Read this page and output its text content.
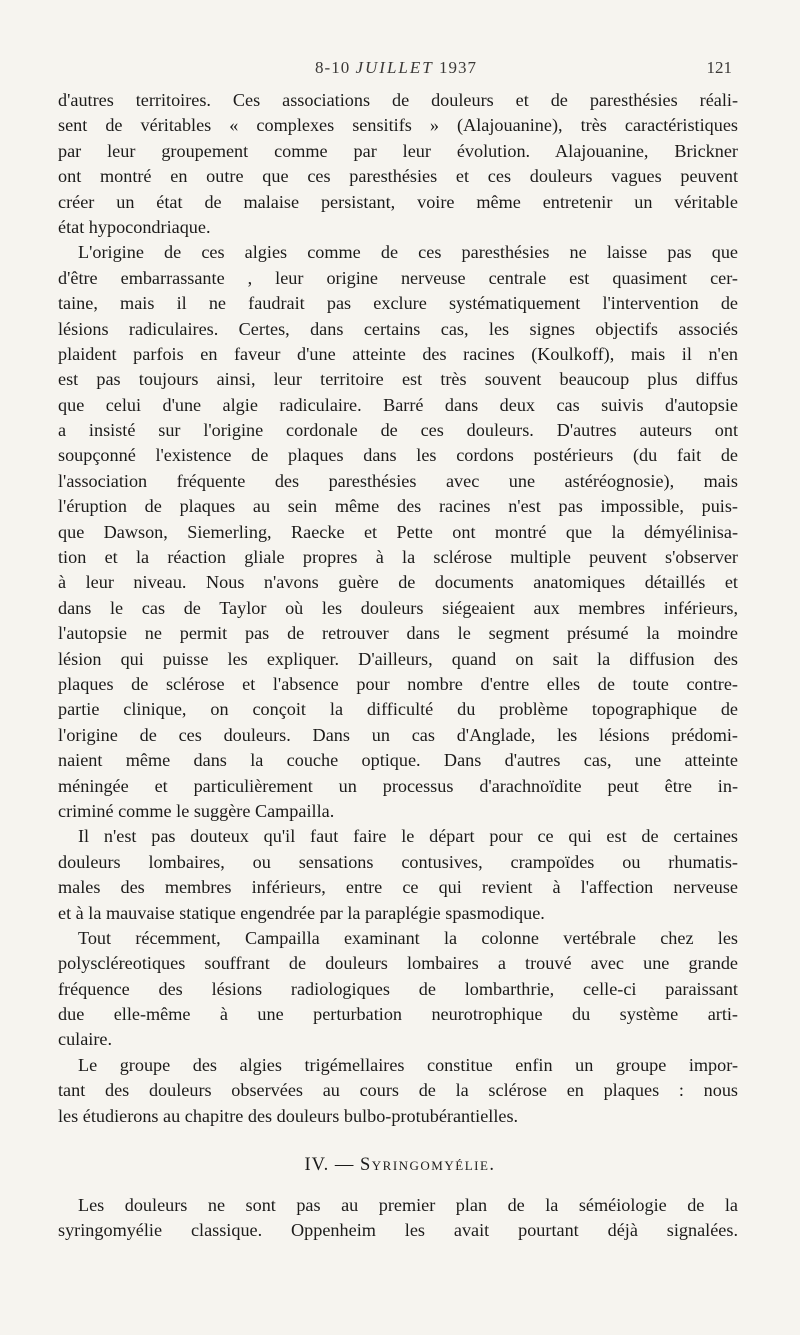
8-10 JUILLET 1937	121
d'autres territoires. Ces associations de douleurs et de paresthésies réali-
sent de véritables « complexes sensitifs » (Alajouanine), très caractéristiques
par leur groupement comme par leur évolution. Alajouanine, Brickner
ont montré en outre que ces paresthésies et ces douleurs vagues peuvent
créer un état de malaise persistant, voire même entretenir un véritable
état hypocondriaque.
L'origine de ces algies comme de ces paresthésies ne laisse pas que
d'être embarrassante , leur origine nerveuse centrale est quasiment cer-
taine, mais il ne faudrait pas exclure systématiquement l'intervention de
lésions radiculaires. Certes, dans certains cas, les signes objectifs associés
plaident parfois en faveur d'une atteinte des racines (Koulkoff), mais il n'en
est pas toujours ainsi, leur territoire est très souvent beaucoup plus diffus
que celui d'une algie radiculaire. Barré dans deux cas suivis d'autopsie
a insisté sur l'origine cordonale de ces douleurs. D'autres auteurs ont
soupçonné l'existence de plaques dans les cordons postérieurs (du fait de
l'association fréquente des paresthésies avec une astéréognosie), mais
l'éruption de plaques au sein même des racines n'est pas impossible, puis-
que Dawson, Siemerling, Raecke et Pette ont montré que la démyélinisa-
tion et la réaction gliale propres à la sclérose multiple peuvent s'observer
à leur niveau. Nous n'avons guère de documents anatomiques détaillés et
dans le cas de Taylor où les douleurs siégeaient aux membres inférieurs,
l'autopsie ne permit pas de retrouver dans le segment présumé la moindre
lésion qui puisse les expliquer. D'ailleurs, quand on sait la diffusion des
plaques de sclérose et l'absence pour nombre d'entre elles de toute contre-
partie clinique, on conçoit la difficulté du problème topographique de
l'origine de ces douleurs. Dans un cas d'Anglade, les lésions prédomi-
naient même dans la couche optique. Dans d'autres cas, une atteinte
méningée et particulièrement un processus d'arachnoïdite peut être in-
criminé comme le suggère Campailla.
Il n'est pas douteux qu'il faut faire le départ pour ce qui est de certaines
douleurs lombaires, ou sensations contusives, crampoïdes ou rhumatis-
males des membres inférieurs, entre ce qui revient à l'affection nerveuse
et à la mauvaise statique engendrée par la paraplégie spasmodique.
Tout récemment, Campailla examinant la colonne vertébrale chez les
polyscléreotiques souffrant de douleurs lombaires a trouvé avec une grande
fréquence des lésions radiologiques de lombarthrie, celle-ci paraissant
due elle-même à une perturbation neurotrophique du système arti-
culaire.
Le groupe des algies trigémellaires constitue enfin un groupe impor-
tant des douleurs observées au cours de la sclérose en plaques : nous
les étudierons au chapitre des douleurs bulbo-protubérantielles.
IV. — Syringomyélie.
Les douleurs ne sont pas au premier plan de la séméiologie de la
syringomyélie classique. Oppenheim les avait pourtant déjà signalées.
